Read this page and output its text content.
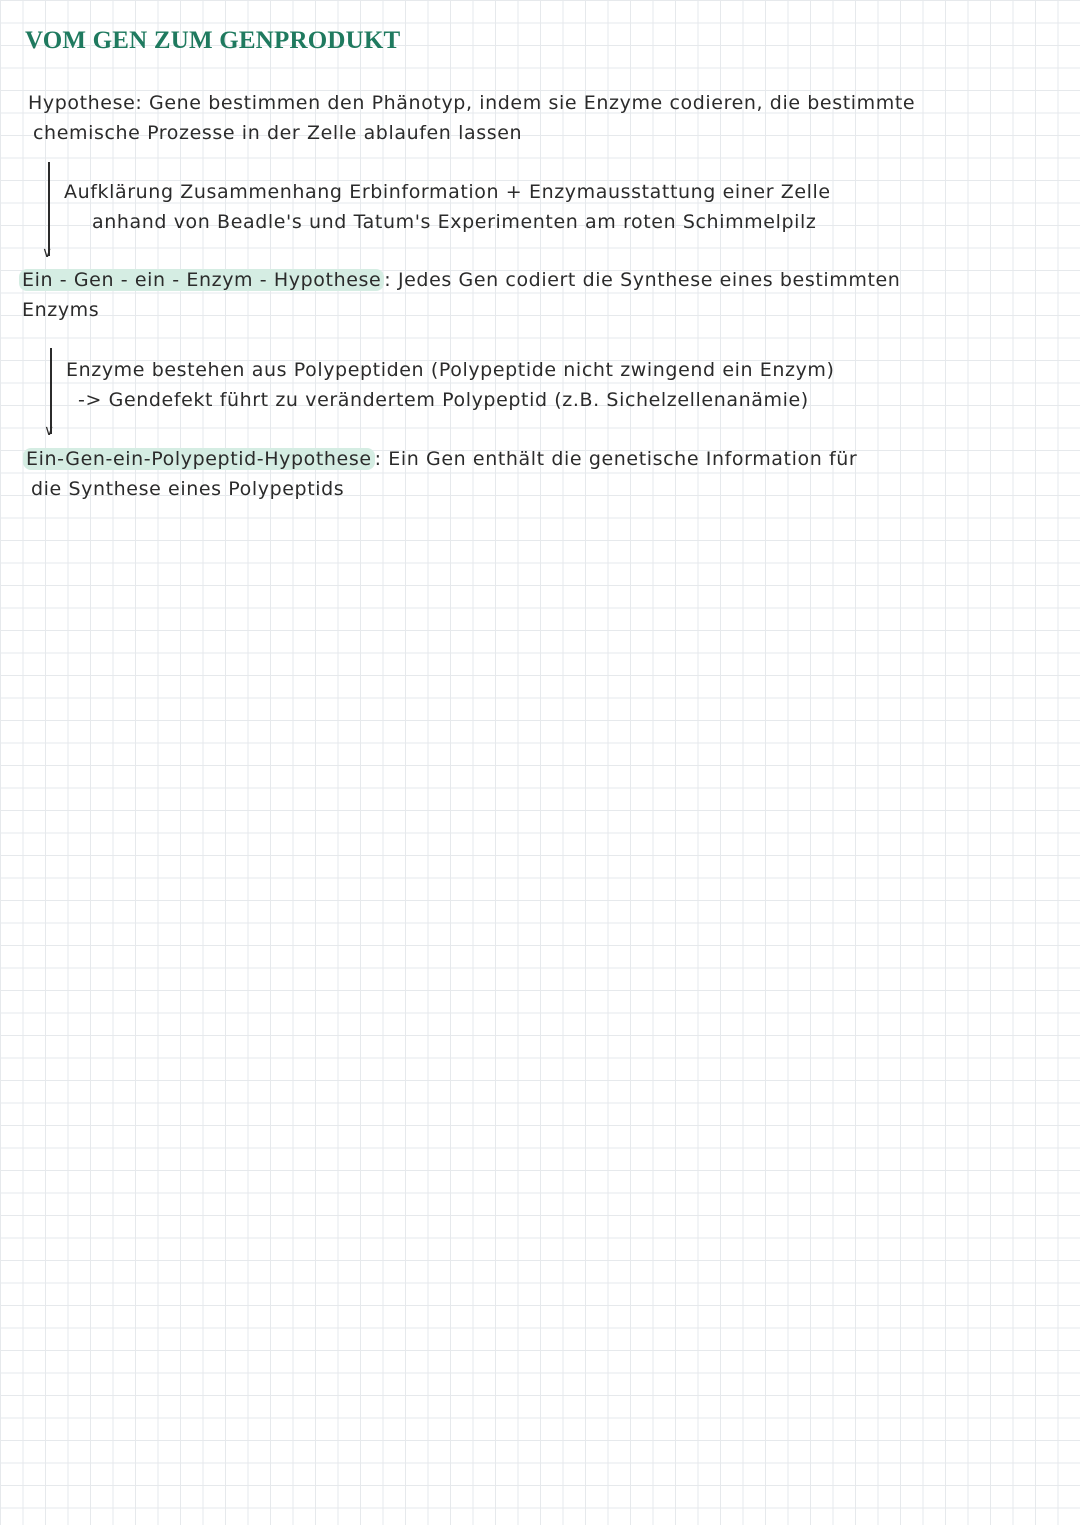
VOM GEN ZUM GENPRODUKT
Hypothese: Gene bestimmen den Phänotyp, indem sie Enzyme codieren, die bestimmte
chemische Prozesse in der Zelle ablaufen lassen
∨
Aufklärung Zusammenhang Erbinformation + Enzymausstattung einer Zelle
anhand von Beadle's und Tatum's Experimenten am roten Schimmelpilz
Ein - Gen - ein - Enzym - Hypothese : Jedes Gen codiert die Synthese eines bestimmten
Enzyms
∨
Enzyme bestehen aus Polypeptiden (Polypeptide nicht zwingend ein Enzym)
-> Gendefekt führt zu verändertem Polypeptid (z.B. Sichelzellenanämie)
Ein-Gen-ein-Polypeptid-Hypothese : Ein Gen enthält die genetische Information für
die Synthese eines Polypeptids
